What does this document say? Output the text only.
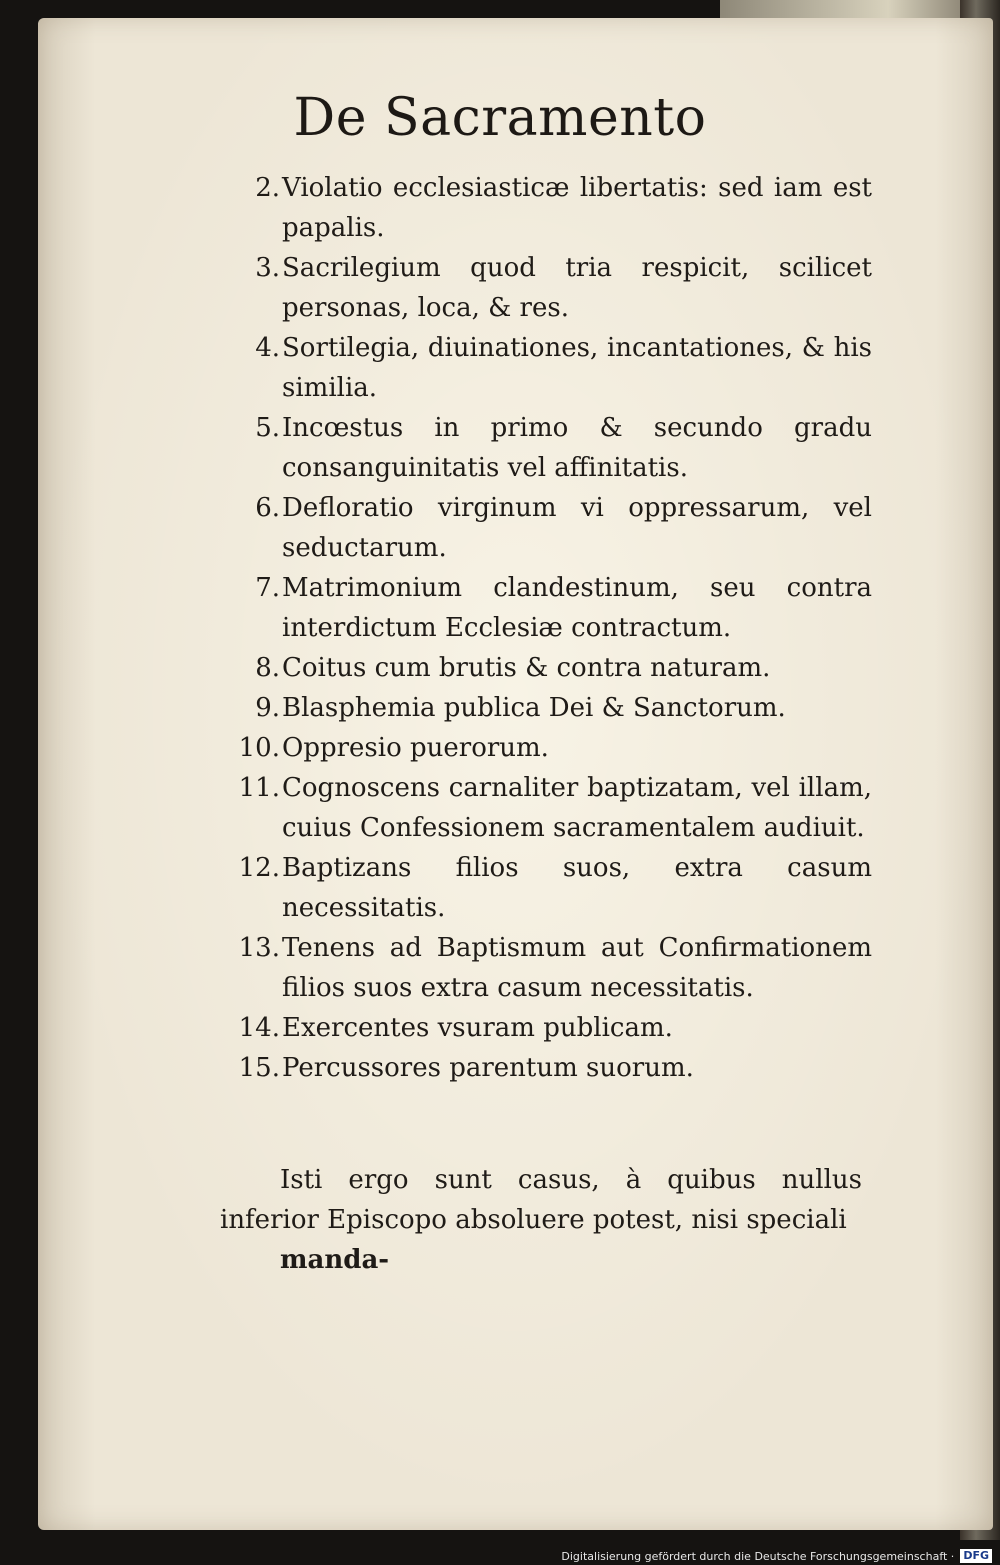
De Sacramento
2. Violatio ecclesiasticæ libertatis: sed iam est papalis.
3. Sacrilegium quod tria respicit, scilicet personas, loca, & res.
4. Sortilegia, diuinationes, incantationes, & his similia.
5. Incœstus in primo & secundo gradu consanguinitatis vel affinitatis.
6. Defloratio virginum vi oppressarum, vel seductarum.
7. Matrimonium clandestinum, seu contra interdictum Ecclesiæ contractum.
8. Coitus cum brutis & contra naturam.
9. Blasphemia publica Dei & Sanctorum.
10. Oppresio puerorum.
11. Cognoscens carnaliter baptizatam, vel illam, cuius Confessionem sacramentalem audiuit.
12. Baptizans filios suos, extra casum necessitatis.
13. Tenens ad Baptismum aut Confirmationem filios suos extra casum necessitatis.
14. Exercentes vsuram publicam.
15. Percussores parentum suorum.

Isti ergo sunt casus, à quibus nullus inferior Episcopo absoluere potest, nisi speciali

manda-

Digitalisierung gefördert durch die Deutsche Forschungsgemeinschaft · DFG
